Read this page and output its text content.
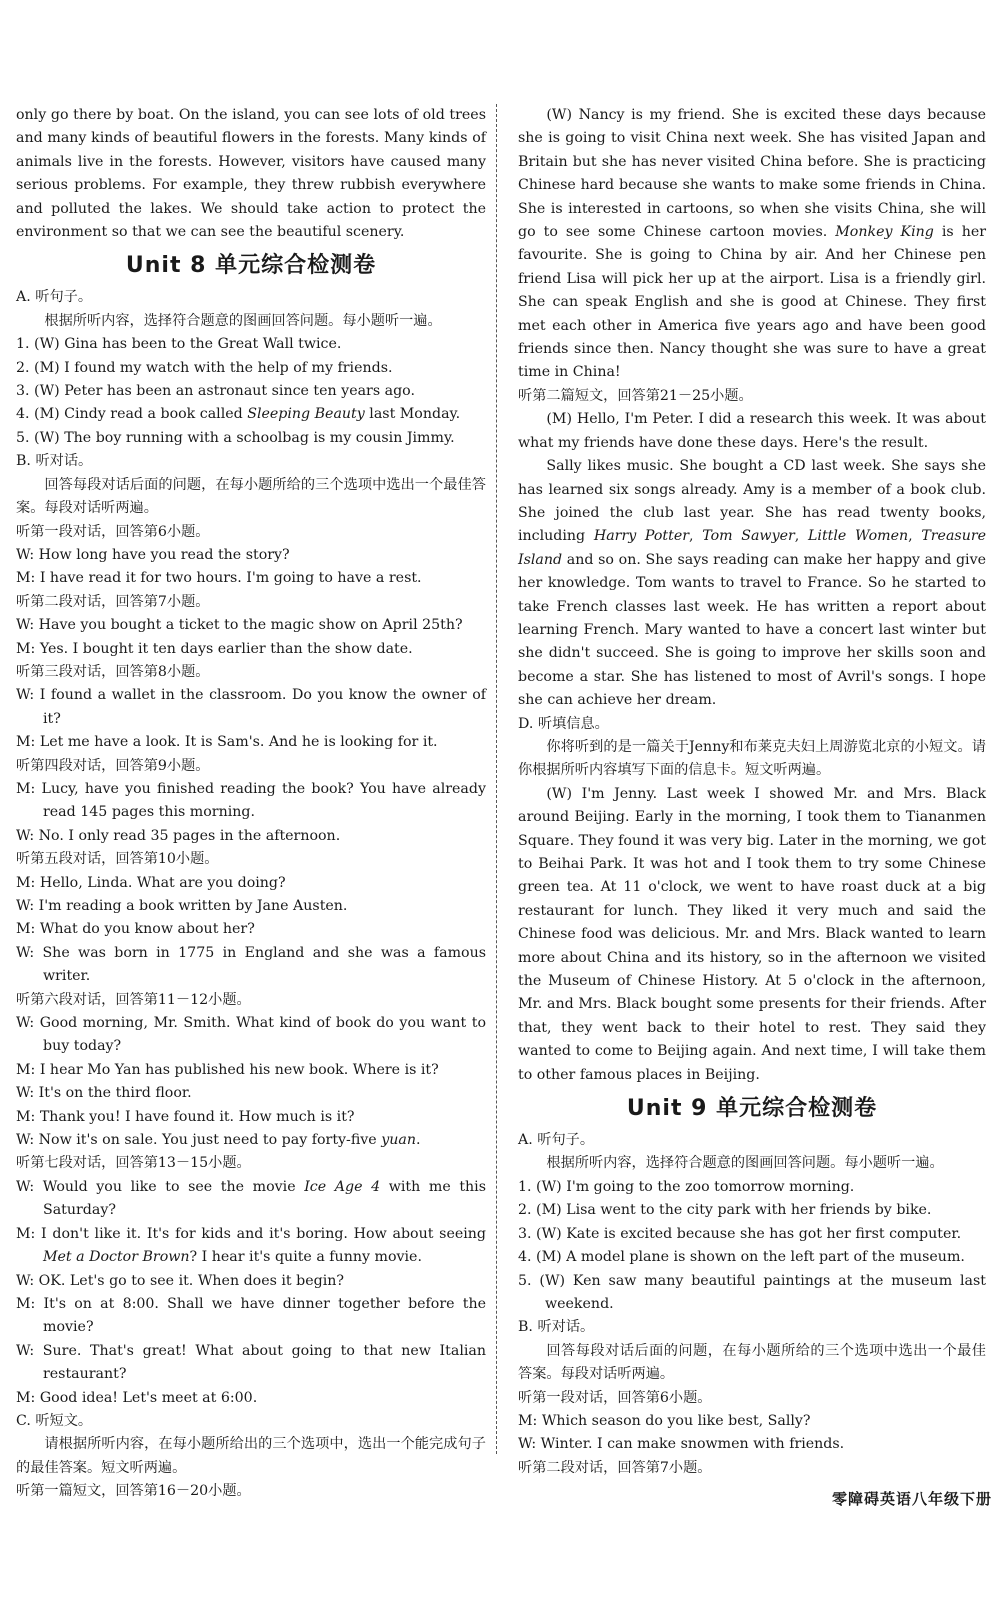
only go there by boat. On the island, you can see lots of old trees and many kinds of beautiful flowers in the forests. Many kinds of animals live in the forests. However, visitors have caused many serious problems. For example, they threw rubbish everywhere and polluted the lakes. We should take action to protect the environment so that we can see the beautiful scenery.

Unit 8 单元综合检测卷

A. 听句子。

根据所听内容，选择符合题意的图画回答问题。每小题听一遍。

1. (W) Gina has been to the Great Wall twice.

2. (M) I found my watch with the help of my friends.

3. (W) Peter has been an astronaut since ten years ago.

4. (M) Cindy read a book called Sleeping Beauty last Monday.

5. (W) The boy running with a schoolbag is my cousin Jimmy.

B. 听对话。

回答每段对话后面的问题，在每小题所给的三个选项中选出一个最佳答案。每段对话听两遍。

听第一段对话，回答第6小题。

W: How long have you read the story?

M: I have read it for two hours. I'm going to have a rest.

听第二段对话，回答第7小题。

W: Have you bought a ticket to the magic show on April 25th?

M: Yes. I bought it ten days earlier than the show date.

听第三段对话，回答第8小题。

W: I found a wallet in the classroom. Do you know the owner of it?

M: Let me have a look. It is Sam's. And he is looking for it.

听第四段对话，回答第9小题。

M: Lucy, have you finished reading the book? You have already read 145 pages this morning.

W: No. I only read 35 pages in the afternoon.

听第五段对话，回答第10小题。

M: Hello, Linda. What are you doing?

W: I'm reading a book written by Jane Austen.

M: What do you know about her?

W: She was born in 1775 in England and she was a famous writer.

听第六段对话，回答第11－12小题。

W: Good morning, Mr. Smith. What kind of book do you want to buy today?

M: I hear Mo Yan has published his new book. Where is it?

W: It's on the third floor.

M: Thank you! I have found it. How much is it?

W: Now it's on sale. You just need to pay forty-five yuan.

听第七段对话，回答第13－15小题。

W: Would you like to see the movie Ice Age 4 with me this Saturday?

M: I don't like it. It's for kids and it's boring. How about seeing Met a Doctor Brown? I hear it's quite a funny movie.

W: OK. Let's go to see it. When does it begin?

M: It's on at 8:00. Shall we have dinner together before the movie?

W: Sure. That's great! What about going to that new Italian restaurant?

M: Good idea! Let's meet at 6:00.

C. 听短文。

请根据所听内容，在每小题所给出的三个选项中，选出一个能完成句子的最佳答案。短文听两遍。

听第一篇短文，回答第16－20小题。

(W) Nancy is my friend. She is excited these days because she is going to visit China next week. She has visited Japan and Britain but she has never visited China before. She is practicing Chinese hard because she wants to make some friends in China. She is interested in cartoons, so when she visits China, she will go to see some Chinese cartoon movies. Monkey King is her favourite. She is going to China by air. And her Chinese pen friend Lisa will pick her up at the airport. Lisa is a friendly girl. She can speak English and she is good at Chinese. They first met each other in America five years ago and have been good friends since then. Nancy thought she was sure to have a great time in China!

听第二篇短文，回答第21－25小题。

(M) Hello, I'm Peter. I did a research this week. It was about what my friends have done these days. Here's the result.

Sally likes music. She bought a CD last week. She says she has learned six songs already. Amy is a member of a book club. She joined the club last year. She has read twenty books, including Harry Potter, Tom Sawyer, Little Women, Treasure Island and so on. She says reading can make her happy and give her knowledge. Tom wants to travel to France. So he started to take French classes last week. He has written a report about learning French. Mary wanted to have a concert last winter but she didn't succeed. She is going to improve her skills soon and become a star. She has listened to most of Avril's songs. I hope she can achieve her dream.

D. 听填信息。

你将听到的是一篇关于Jenny和布莱克夫妇上周游览北京的小短文。请你根据所听内容填写下面的信息卡。短文听两遍。

(W) I'm Jenny. Last week I showed Mr. and Mrs. Black around Beijing. Early in the morning, I took them to Tiananmen Square. They found it was very big. Later in the morning, we got to Beihai Park. It was hot and I took them to try some Chinese green tea. At 11 o'clock, we went to have roast duck at a big restaurant for lunch. They liked it very much and said the Chinese food was delicious. Mr. and Mrs. Black wanted to learn more about China and its history, so in the afternoon we visited the Museum of Chinese History. At 5 o'clock in the afternoon, Mr. and Mrs. Black bought some presents for their friends. After that, they went back to their hotel to rest. They said they wanted to come to Beijing again. And next time, I will take them to other famous places in Beijing.

Unit 9 单元综合检测卷

A. 听句子。

根据所听内容，选择符合题意的图画回答问题。每小题听一遍。

1. (W) I'm going to the zoo tomorrow morning.

2. (M) Lisa went to the city park with her friends by bike.

3. (W) Kate is excited because she has got her first computer.

4. (M) A model plane is shown on the left part of the museum.

5. (W) Ken saw many beautiful paintings at the museum last weekend.

B. 听对话。

回答每段对话后面的问题，在每小题所给的三个选项中选出一个最佳答案。每段对话听两遍。

听第一段对话，回答第6小题。

M: Which season do you like best, Sally?

W: Winter. I can make snowmen with friends.

听第二段对话，回答第7小题。

零障碍英语八年级下册
